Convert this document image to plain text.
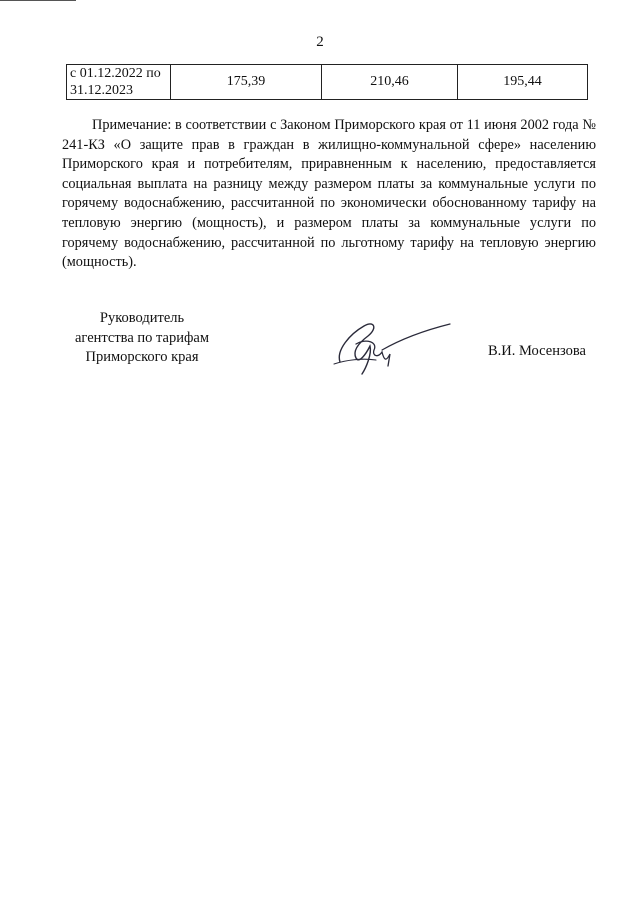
2
с 01.12.2022 по
31.12.2023
	175,39	210,46	195,44

Примечание: в соответствии с Законом Приморского края от 11 июня 2002 года № 241-КЗ «О защите прав в граждан в жилищно-коммунальной сфере» населению Приморского края и потребителям, приравненным к населению, предоставляется социальная выплата на разницу между размером платы за коммунальные услуги по горячему водоснабжению, рассчитанной по экономически обоснованному тарифу на тепловую энергию (мощность), и размером платы за коммунальные услуги по горячему водоснабжению, рассчитанной по льготному тарифу на тепловую энергию (мощность).

Руководитель
агентства по тарифам
Приморского края	В.И. Мосензова
